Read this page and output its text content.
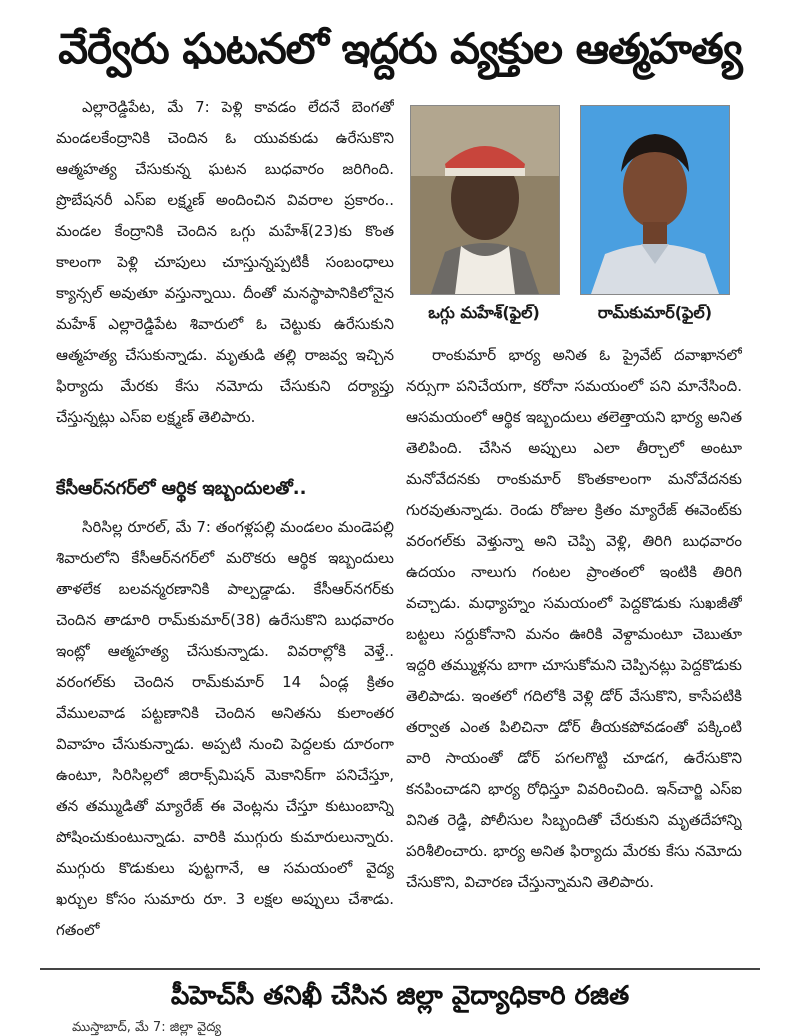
వేర్వేరు ఘటనలో ఇద్దరు వ్యక్తుల ఆత్మహత్య

ఎల్లారెడ్డిపేట, మే 7: పెళ్లి కావడం లేదనే బెంగతో మండలకేంద్రానికి చెందిన ఓ యువకుడు ఉరేసుకొని ఆత్మహత్య చేసుకున్న ఘటన బుధవారం జరిగింది. ప్రొబేషనరీ ఎస్ఐ లక్ష్మణ్ అందించిన వివరాల ప్రకారం.. మండల కేంద్రానికి చెందిన ఒగ్గు మహేశ్(23)కు కొంత కాలంగా పెళ్లి చూపులు చూస్తున్నప్పటికీ సంబంధాలు క్యాన్సల్ అవుతూ వస్తున్నాయి. దీంతో మనస్థాపానికిలోనైన మహేశ్ ఎల్లారెడ్డిపేట శివారులో ఓ చెట్టుకు ఉరేసుకుని ఆత్మహత్య చేసుకున్నాడు. మృతుడి తల్లి రాజవ్వ ఇచ్చిన ఫిర్యాదు మేరకు కేసు నమోదు చేసుకుని దర్యాప్తు చేస్తున్నట్లు ఎస్ఐ లక్ష్మణ్ తెలిపారు.

కేసీఆర్‌నగర్‌లో ఆర్థిక ఇబ్బందులతో..

సిరిసిల్ల రూరల్, మే 7: తంగళ్లపల్లి మండలం మండెపల్లి శివారులోని కేసీఆర్‌నగర్‌లో మరొకరు ఆర్థిక ఇబ్బందులు తాళలేక బలవన్మరణానికి పాల్పడ్డాడు. కేసీఆర్‌నగర్‌కు చెందిన తాడూరి రామ్‌కుమార్(38) ఉరేసుకొని బుధవారం ఇంట్లో ఆత్మహత్య చేసుకున్నాడు. వివరాల్లోకి వెళ్తే.. వరంగల్‌కు చెందిన రామ్‌కుమార్ 14 ఏండ్ల క్రితం వేములవాడ పట్టణానికి చెందిన అనితను కులాంతర వివాహం చేసుకున్నాడు. అప్పటి నుంచి పెద్దలకు దూరంగా ఉంటూ, సిరిసిల్లలో జిరాక్స్‌మిషన్ మెకానిక్‌గా పనిచేస్తూ, తన తమ్ముడితో మ్యారేజ్ ఈ వెంట్లను చేస్తూ కుటుంబాన్ని పోషించుకుంటున్నాడు. వారికి ముగ్గురు కుమారులున్నారు. ముగ్గురు కొడుకులు పుట్టగానే, ఆ సమయంలో వైద్య ఖర్చుల కోసం సుమారు రూ. 3 లక్షల అప్పులు చేశాడు. గతంలో

ఒగ్గు మహేశ్(ఫైల్)	రామ్‌కుమార్(ఫైల్)

రాంకుమార్ భార్య అనిత ఓ ప్రైవేట్ దవాఖానలో నర్సుగా పనిచేయగా, కరోనా సమయంలో పని మానేసింది. ఆసమయంలో ఆర్థిక ఇబ్బందులు తలెత్తాయని భార్య అనిత తెలిపింది. చేసిన అప్పులు ఎలా తీర్చాలో అంటూ మనోవేదనకు రాంకుమార్ కొంతకాలంగా మనోవేదనకు గురవుతున్నాడు. రెండు రోజుల క్రితం మ్యారేజ్ ఈవెంట్‌కు వరంగల్‌కు వెళ్తున్నా అని చెప్పి వెళ్లి, తిరిగి బుధవారం ఉదయం నాలుగు గంటల ప్రాంతంలో ఇంటికి తిరిగి వచ్చాడు. మధ్యాహ్నం సమయంలో పెద్దకొడుకు సుఖజీతో బట్టలు సర్దుకోనాని మనం ఊరికి వెళ్దామంటూ చెబుతూ ఇద్దరి తమ్ముళ్లను బాగా చూసుకోమని చెప్పినట్లు పెద్దకొడుకు తెలిపాడు. ఇంతలో గదిలోకి వెళ్లి డోర్ వేసుకొని, కాసేపటికి తర్వాత ఎంత పిలిచినా డోర్ తీయకపోవడంతో పక్కింటి వారి సాయంతో డోర్ పగలగొట్టి చూడగ, ఉరేసుకొని కనపించాడని భార్య రోధిస్తూ వివరించింది. ఇన్‌చార్జి ఎస్ఐ వినిత రెడ్డి, పోలీసుల సిబ్బందితో చేరుకుని మృతదేహాన్ని పరిశీలించారు. భార్య అనిత ఫిర్యాదు మేరకు కేసు నమోదు చేసుకొని, విచారణ చేస్తున్నామని తెలిపారు.

పీహెచ్‌సీ తనిఖీ చేసిన జిల్లా వైద్యాధికారి రజిత
ముస్తాబాద్, మే 7: జిల్లా వైద్య
